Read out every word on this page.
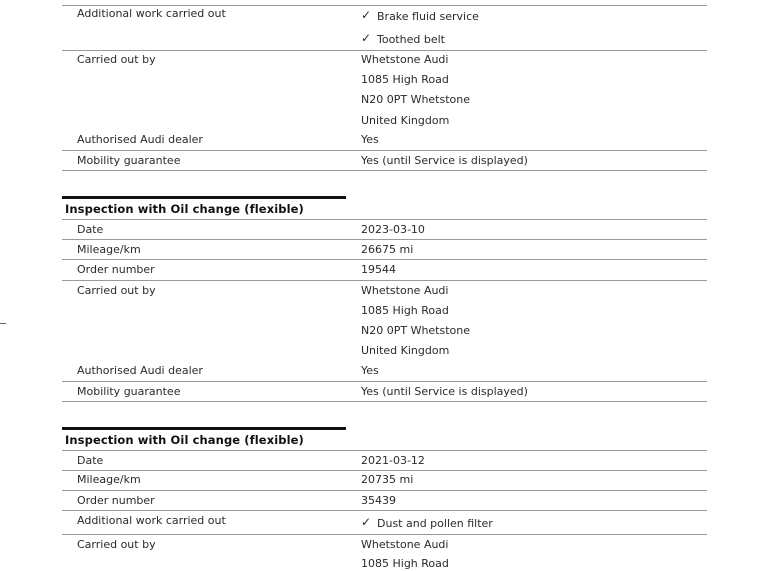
Additional work carried out	✓ Brake fluid service
✓ Toothed belt
Carried out by	Whetstone Audi
1085 High Road
N20 0PT Whetstone
United Kingdom
Authorised Audi dealer	Yes
Mobility guarantee	Yes (until Service is displayed)
Inspection with Oil change (flexible)
Date	2023-03-10
Mileage/km	26675 mi
Order number	19544
Carried out by	Whetstone Audi
1085 High Road
N20 0PT Whetstone
United Kingdom
Authorised Audi dealer	Yes
Mobility guarantee	Yes (until Service is displayed)
Inspection with Oil change (flexible)
Date	2021-03-12
Mileage/km	20735 mi
Order number	35439
Additional work carried out	✓ Dust and pollen filter
Carried out by	Whetstone Audi
1085 High Road
